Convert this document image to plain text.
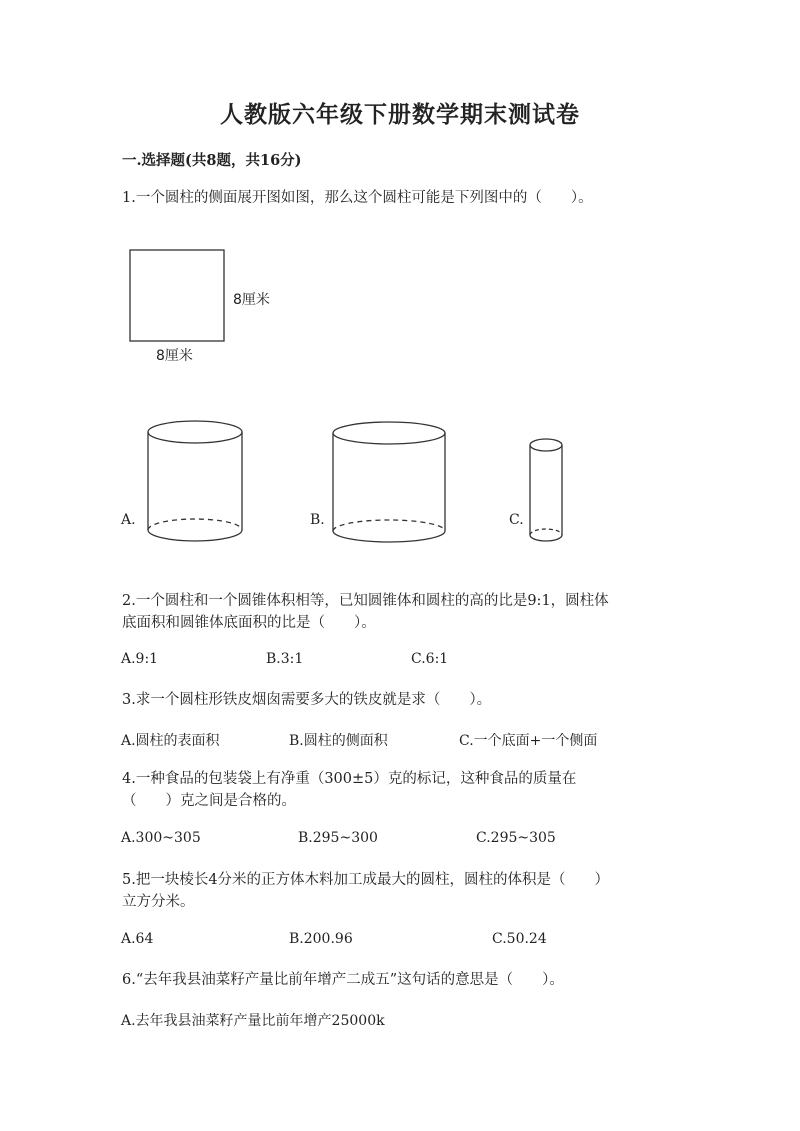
人教版六年级下册数学期末测试卷
一.选择题(共8题，共16分)
1.一个圆柱的侧面展开图如图，那么这个圆柱可能是下列图中的（　　）。
8厘米
8厘米
A.	B.	C.
2.一个圆柱和一个圆锥体积相等，已知圆锥体和圆柱的高的比是9:1，圆柱体
底面积和圆锥体底面积的比是（　　）。
A.9:1	B.3:1	C.6:1
3.求一个圆柱形铁皮烟囱需要多大的铁皮就是求（　　）。
A.圆柱的表面积	B.圆柱的侧面积	C.一个底面+一个侧面
4.一种食品的包装袋上有净重（300±5）克的标记，这种食品的质量在
（　　）克之间是合格的。
A.300~305	B.295~300	C.295~305
5.把一块棱长4分米的正方体木料加工成最大的圆柱，圆柱的体积是（　　）
立方分米。
A.64	B.200.96	C.50.24
6.“去年我县油菜籽产量比前年增产二成五”这句话的意思是（　　）。
A.去年我县油菜籽产量比前年增产25000k
